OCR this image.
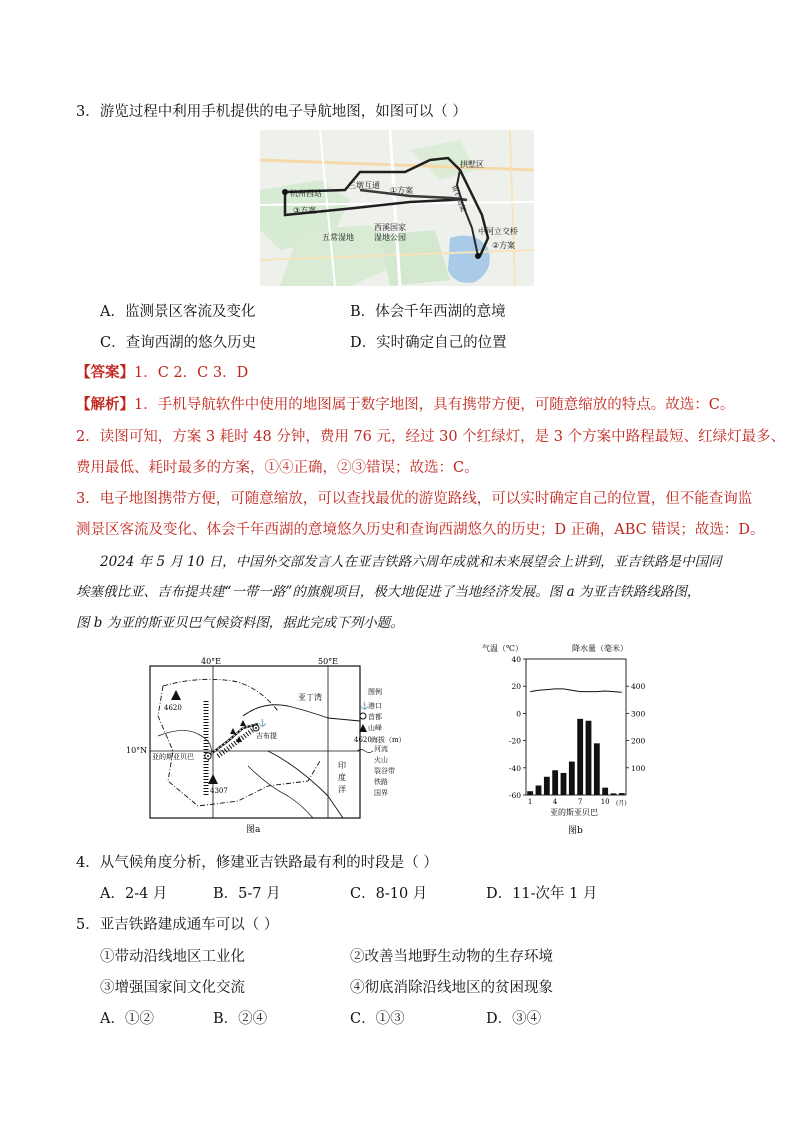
3．游览过程中利用手机提供的电子导航地图，如图可以（ ）
拱墅区
三墩互通
①方案
杭州西站
③方案
五常湿地
西溪国家
湿地公园
中河立交桥
②方案
留石高架
A．监测景区客流及变化	B．体会千年西湖的意境
C．查询西湖的悠久历史	D．实时确定自己的位置
【答案】1．C 2．C 3．D
【解析】1．手机导航软件中使用的地图属于数字地图，具有携带方便，可随意缩放的特点。故选：C。
2．读图可知，方案 3 耗时 48 分钟，费用 76 元，经过 30 个红绿灯，是 3 个方案中路程最短、红绿灯最多、
费用最低、耗时最多的方案，①④正确，②③错误；故选：C。
3．电子地图携带方便，可随意缩放，可以查找最优的游览路线，可以实时确定自己的位置，但不能查询监
测景区客流及变化、体会千年西湖的意境悠久历史和查询西湖悠久的历史；D 正确，ABC 错误；故选：D。
2024 年 5 月 10 日，中国外交部发言人在亚吉铁路六周年成就和未来展望会上讲到，亚吉铁路是中国同
埃塞俄比亚、吉布提共建“一带一路”的旗舰项目，极大地促进了当地经济发展。图 a 为亚吉铁路线路图，
图 b 为亚的斯亚贝巴气候资料图，据此完成下列小题。
40°E	50°E
10°N
4620
4307
⚓
吉布提
亚的斯亚贝巴
亚丁湾
印
度
洋
图例
⚓ 港口
首都
山峰
4620 海拔（m）
图a
河流
火山
裂谷带
铁路
国界
气温（℃）	降水量（毫米）
40
20
0
-20
-40
-60
400
300
200
100
1	4	7	10 (月)
亚的斯亚贝巴
图b
4．从气候角度分析，修建亚吉铁路最有利的时段是（ ）
A．2-4 月	B．5-7 月	C．8-10 月	D．11-次年 1 月
5．亚吉铁路建成通车可以（ ）
①带动沿线地区工业化	②改善当地野生动物的生存环境
③增强国家间文化交流	④彻底消除沿线地区的贫困现象
A．①②	B．②④	C．①③	D．③④
